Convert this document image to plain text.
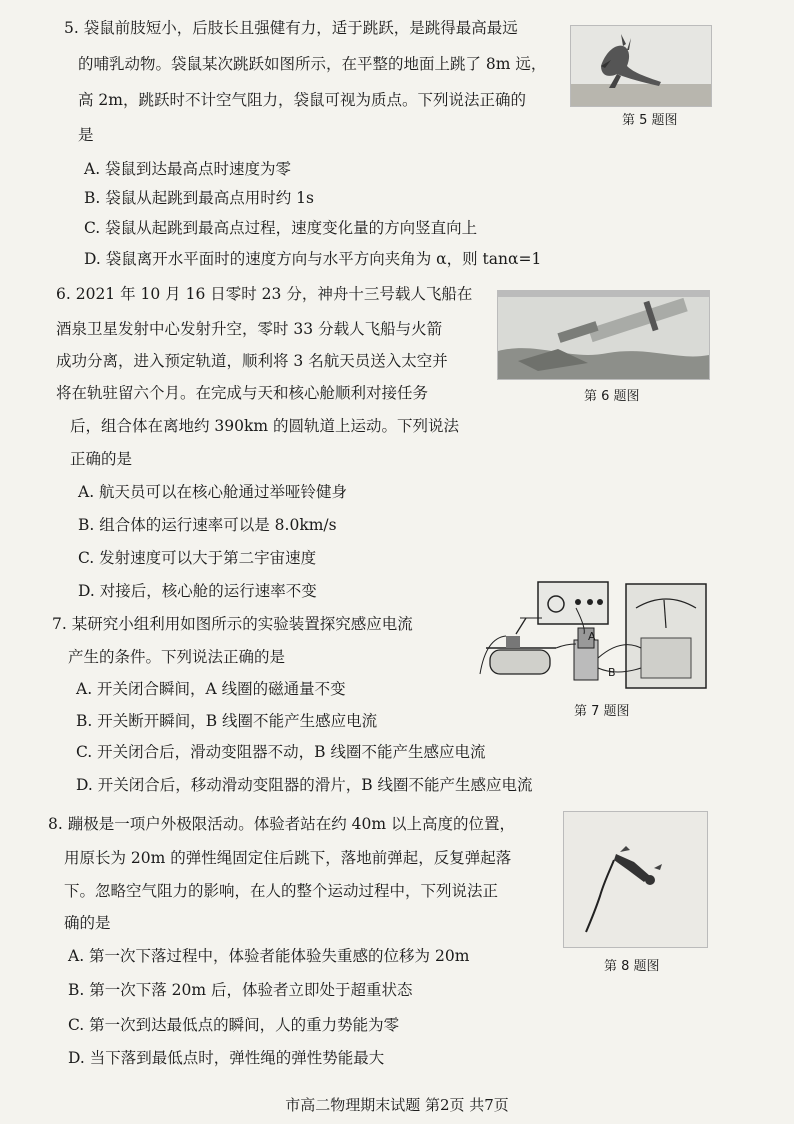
5. 袋鼠前肢短小，后肢长且强健有力，适于跳跃，是跳得最高最远
的哺乳动物。袋鼠某次跳跃如图所示，在平整的地面上跳了 8m 远，
高 2m，跳跃时不计空气阻力，袋鼠可视为质点。下列说法正确的
是
A. 袋鼠到达最高点时速度为零
B. 袋鼠从起跳到最高点用时约 1s
C. 袋鼠从起跳到最高点过程，速度变化量的方向竖直向上
D. 袋鼠离开水平面时的速度方向与水平方向夹角为 α，则 tanα=1
第 5 题图
6. 2021 年 10 月 16 日零时 23 分，神舟十三号载人飞船在
酒泉卫星发射中心发射升空，零时 33 分载人飞船与火箭
成功分离，进入预定轨道，顺利将 3 名航天员送入太空并
将在轨驻留六个月。在完成与天和核心舱顺利对接任务
后，组合体在离地约 390km 的圆轨道上运动。下列说法
正确的是
A. 航天员可以在核心舱通过举哑铃健身
B. 组合体的运行速率可以是 8.0km/s
C. 发射速度可以大于第二宇宙速度
D. 对接后，核心舱的运行速率不变
第 6 题图
7. 某研究小组利用如图所示的实验装置探究感应电流
产生的条件。下列说法正确的是
A. 开关闭合瞬间，A 线圈的磁通量不变
B. 开关断开瞬间，B 线圈不能产生感应电流
C. 开关闭合后，滑动变阻器不动，B 线圈不能产生感应电流
D. 开关闭合后，移动滑动变阻器的滑片，B 线圈不能产生感应电流
A
B
第 7 题图
8. 蹦极是一项户外极限活动。体验者站在约 40m 以上高度的位置，
用原长为 20m 的弹性绳固定住后跳下，落地前弹起，反复弹起落
下。忽略空气阻力的影响，在人的整个运动过程中，下列说法正
确的是
A. 第一次下落过程中，体验者能体验失重感的位移为 20m
B. 第一次下落 20m 后，体验者立即处于超重状态
C. 第一次到达最低点的瞬间，人的重力势能为零
D. 当下落到最低点时，弹性绳的弹性势能最大
第 8 题图
市高二物理期末试题 第2页 共7页
